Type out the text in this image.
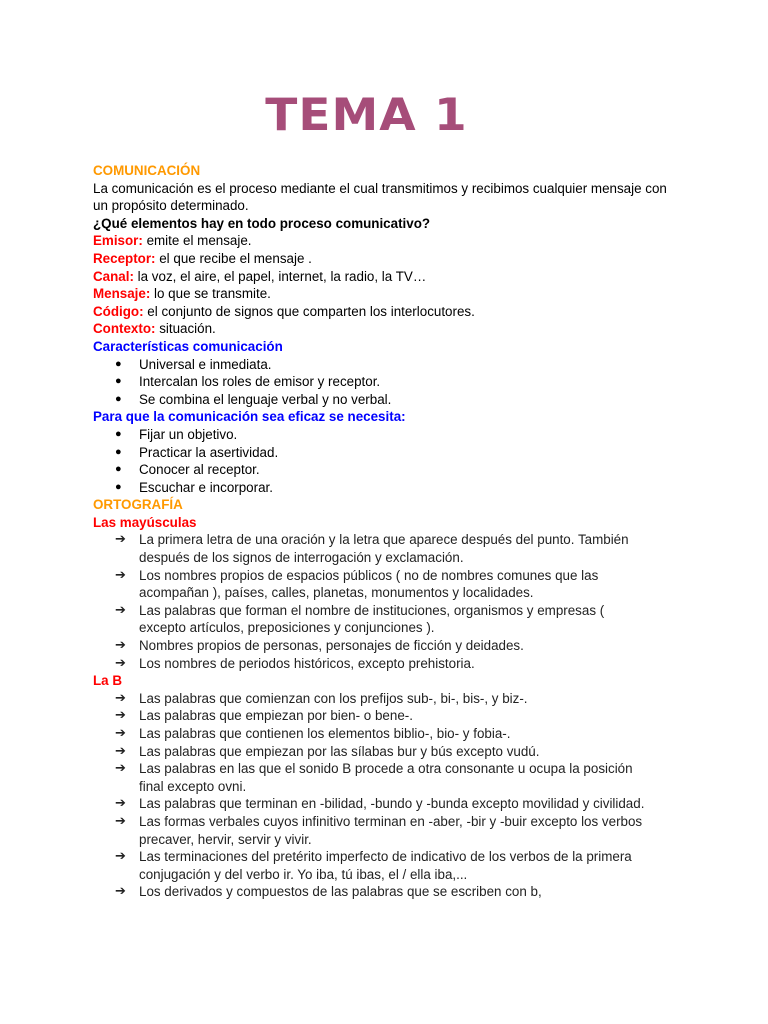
TEMA 1

COMUNICACIÓN

La comunicación es el proceso mediante el cual transmitimos y recibimos cualquier mensaje con un propósito determinado.

¿Qué elementos hay en todo proceso comunicativo?

Emisor: emite el mensaje.

Receptor: el que recibe el mensaje .

Canal: la voz, el aire, el papel, internet, la radio, la TV…

Mensaje: lo que se transmite.

Código: el conjunto de signos que comparten los interlocutores.

Contexto: situación.

Características comunicación

● Universal e inmediata.
● Intercalan los roles de emisor y receptor.
● Se combina el lenguaje verbal y no verbal.

Para que la comunicación sea eficaz se necesita:

● Fijar un objetivo.
● Practicar la asertividad.
● Conocer al receptor.
● Escuchar e incorporar.

ORTOGRAFÍA

Las mayúsculas

➔ La primera letra de una oración y la letra que aparece después del punto. También
después de los signos de interrogación y exclamación.
➔ Los nombres propios de espacios públicos ( no de nombres comunes que las
acompañan ), países, calles, planetas, monumentos y localidades.
➔ Las palabras que forman el nombre de instituciones, organismos y empresas (
excepto artículos, preposiciones y conjunciones ).
➔ Nombres propios de personas, personajes de ficción y deidades.
➔ Los nombres de periodos históricos, excepto prehistoria.

La B

➔ Las palabras que comienzan con los prefijos sub-, bi-, bis-, y biz-.
➔ Las palabras que empiezan por bien- o bene-.
➔ Las palabras que contienen los elementos biblio-, bio- y fobia-.
➔ Las palabras que empiezan por las sílabas bur y bús excepto vudú.
➔ Las palabras en las que el sonido B procede a otra consonante u ocupa la posición
final excepto ovni.
➔ Las palabras que terminan en -bilidad, -bundo y -bunda excepto movilidad y civilidad.
➔ Las formas verbales cuyos infinitivo terminan en -aber, -bir y -buir excepto los verbos
precaver, hervir, servir y vivir.
➔ Las terminaciones del pretérito imperfecto de indicativo de los verbos de la primera
conjugación y del verbo ir. Yo iba, tú ibas, el / ella iba,...
➔ Los derivados y compuestos de las palabras que se escriben con b,
